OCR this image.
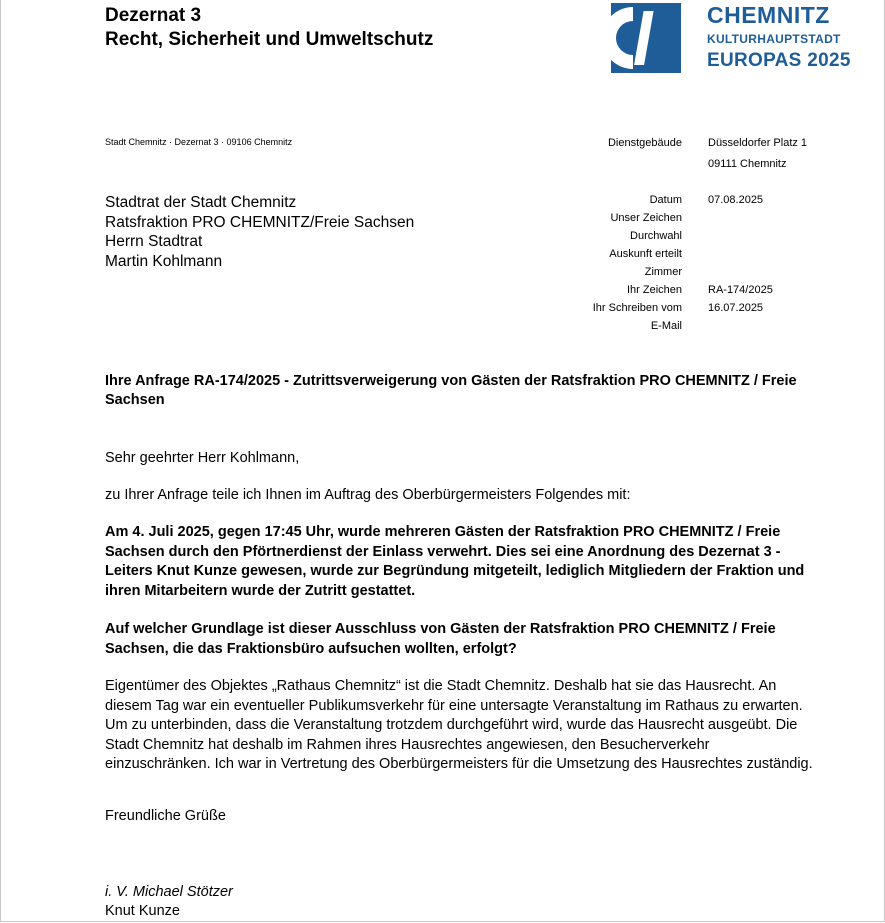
Dezernat 3
Recht, Sicherheit und Umweltschutz
CHEMNITZ
KULTURHAUPTSTADT
EUROPAS 2025
Stadt Chemnitz · Dezernat 3 · 09106 Chemnitz	Dienstgebäude Düsseldorfer Platz 1
09111 Chemnitz
Stadtrat der Stadt Chemnitz
Ratsfraktion PRO CHEMNITZ/Freie Sachsen
Herrn Stadtrat
Martin Kohlmann
Datum 07.08.2025
Unser Zeichen
Durchwahl
Auskunft erteilt
Zimmer
Ihr Zeichen RA-174/2025
Ihr Schreiben vom 16.07.2025
E-Mail
Ihre Anfrage RA-174/2025 - Zutrittsverweigerung von Gästen der Ratsfraktion PRO CHEMNITZ / Freie Sachsen
Sehr geehrter Herr Kohlmann,
zu Ihrer Anfrage teile ich Ihnen im Auftrag des Oberbürgermeisters Folgendes mit:
Am 4. Juli 2025, gegen 17:45 Uhr, wurde mehreren Gästen der Ratsfraktion PRO CHEMNITZ / Freie Sachsen durch den Pförtnerdienst der Einlass verwehrt. Dies sei eine Anordnung des Dezernat 3 - Leiters Knut Kunze gewesen, wurde zur Begründung mitgeteilt, lediglich Mitgliedern der Fraktion und ihren Mitarbeitern wurde der Zutritt gestattet.
Auf welcher Grundlage ist dieser Ausschluss von Gästen der Ratsfraktion PRO CHEMNITZ / Freie Sachsen, die das Fraktionsbüro aufsuchen wollten, erfolgt?
Eigentümer des Objektes „Rathaus Chemnitz“ ist die Stadt Chemnitz. Deshalb hat sie das Hausrecht. An diesem Tag war ein eventueller Publikumsverkehr für eine untersagte Veranstaltung im Rathaus zu erwarten. Um zu unterbinden, dass die Veranstaltung trotzdem durchgeführt wird, wurde das Hausrecht ausgeübt. Die Stadt Chemnitz hat deshalb im Rahmen ihres Hausrechtes angewiesen, den Besucherverkehr einzuschränken. Ich war in Vertretung des Oberbürgermeisters für die Umsetzung des Hausrechtes zuständig.
Freundliche Grüße
i. V. Michael Stötzer
Knut Kunze
